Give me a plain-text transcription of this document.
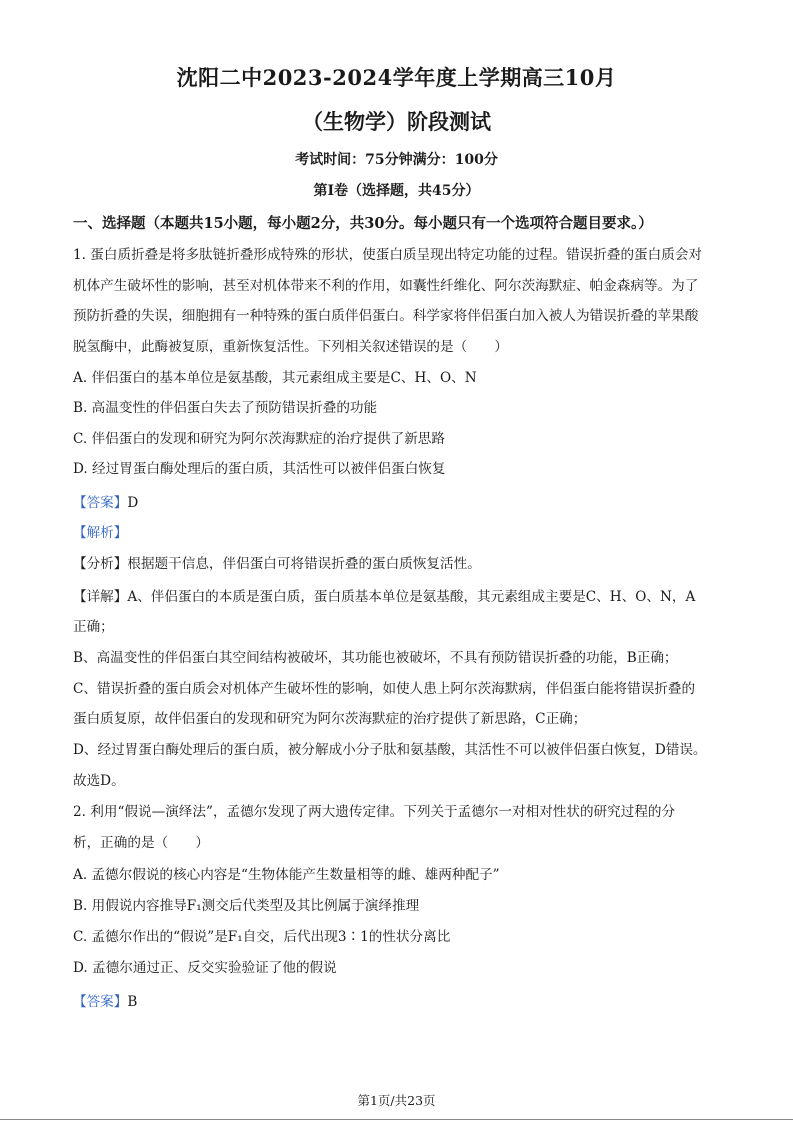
沈阳二中2023-2024学年度上学期高三10月
（生物学）阶段测试
考试时间：75分钟满分：100分
第I卷（选择题，共45分）
一、选择题（本题共15小题，每小题2分，共30分。每小题只有一个选项符合题目要求。）
1. 蛋白质折叠是将多肽链折叠形成特殊的形状，使蛋白质呈现出特定功能的过程。错误折叠的蛋白质会对
机体产生破坏性的影响，甚至对机体带来不利的作用，如囊性纤维化、阿尔茨海默症、帕金森病等。为了
预防折叠的失误，细胞拥有一种特殊的蛋白质伴侣蛋白。科学家将伴侣蛋白加入被人为错误折叠的苹果酸
脱氢酶中，此酶被复原，重新恢复活性。下列相关叙述错误的是（　　）
A. 伴侣蛋白的基本单位是氨基酸，其元素组成主要是C、H、O、N
B. 高温变性的伴侣蛋白失去了预防错误折叠的功能
C. 伴侣蛋白的发现和研究为阿尔茨海默症的治疗提供了新思路
D. 经过胃蛋白酶处理后的蛋白质，其活性可以被伴侣蛋白恢复
【答案】D
【解析】
【分析】根据题干信息，伴侣蛋白可将错误折叠的蛋白质恢复活性。
【详解】A、伴侣蛋白的本质是蛋白质，蛋白质基本单位是氨基酸，其元素组成主要是C、H、O、N，A
正确；
B、高温变性的伴侣蛋白其空间结构被破坏，其功能也被破坏，不具有预防错误折叠的功能，B正确；
C、错误折叠的蛋白质会对机体产生破坏性的影响，如使人患上阿尔茨海默病，伴侣蛋白能将错误折叠的
蛋白质复原，故伴侣蛋白的发现和研究为阿尔茨海默症的治疗提供了新思路，C正确；
D、经过胃蛋白酶处理后的蛋白质，被分解成小分子肽和氨基酸，其活性不可以被伴侣蛋白恢复，D错误。
故选D。
2. 利用“假说—演绎法”，孟德尔发现了两大遗传定律。下列关于孟德尔一对相对性状的研究过程的分
析，正确的是（　　）
A. 孟德尔假说的核心内容是“生物体能产生数量相等的雌、雄两种配子”
B. 用假说内容推导F₁测交后代类型及其比例属于演绎推理
C. 孟德尔作出的“假说”是F₁自交，后代出现3∶1的性状分离比
D. 孟德尔通过正、反交实验验证了他的假说
【答案】B
第1页/共23页
